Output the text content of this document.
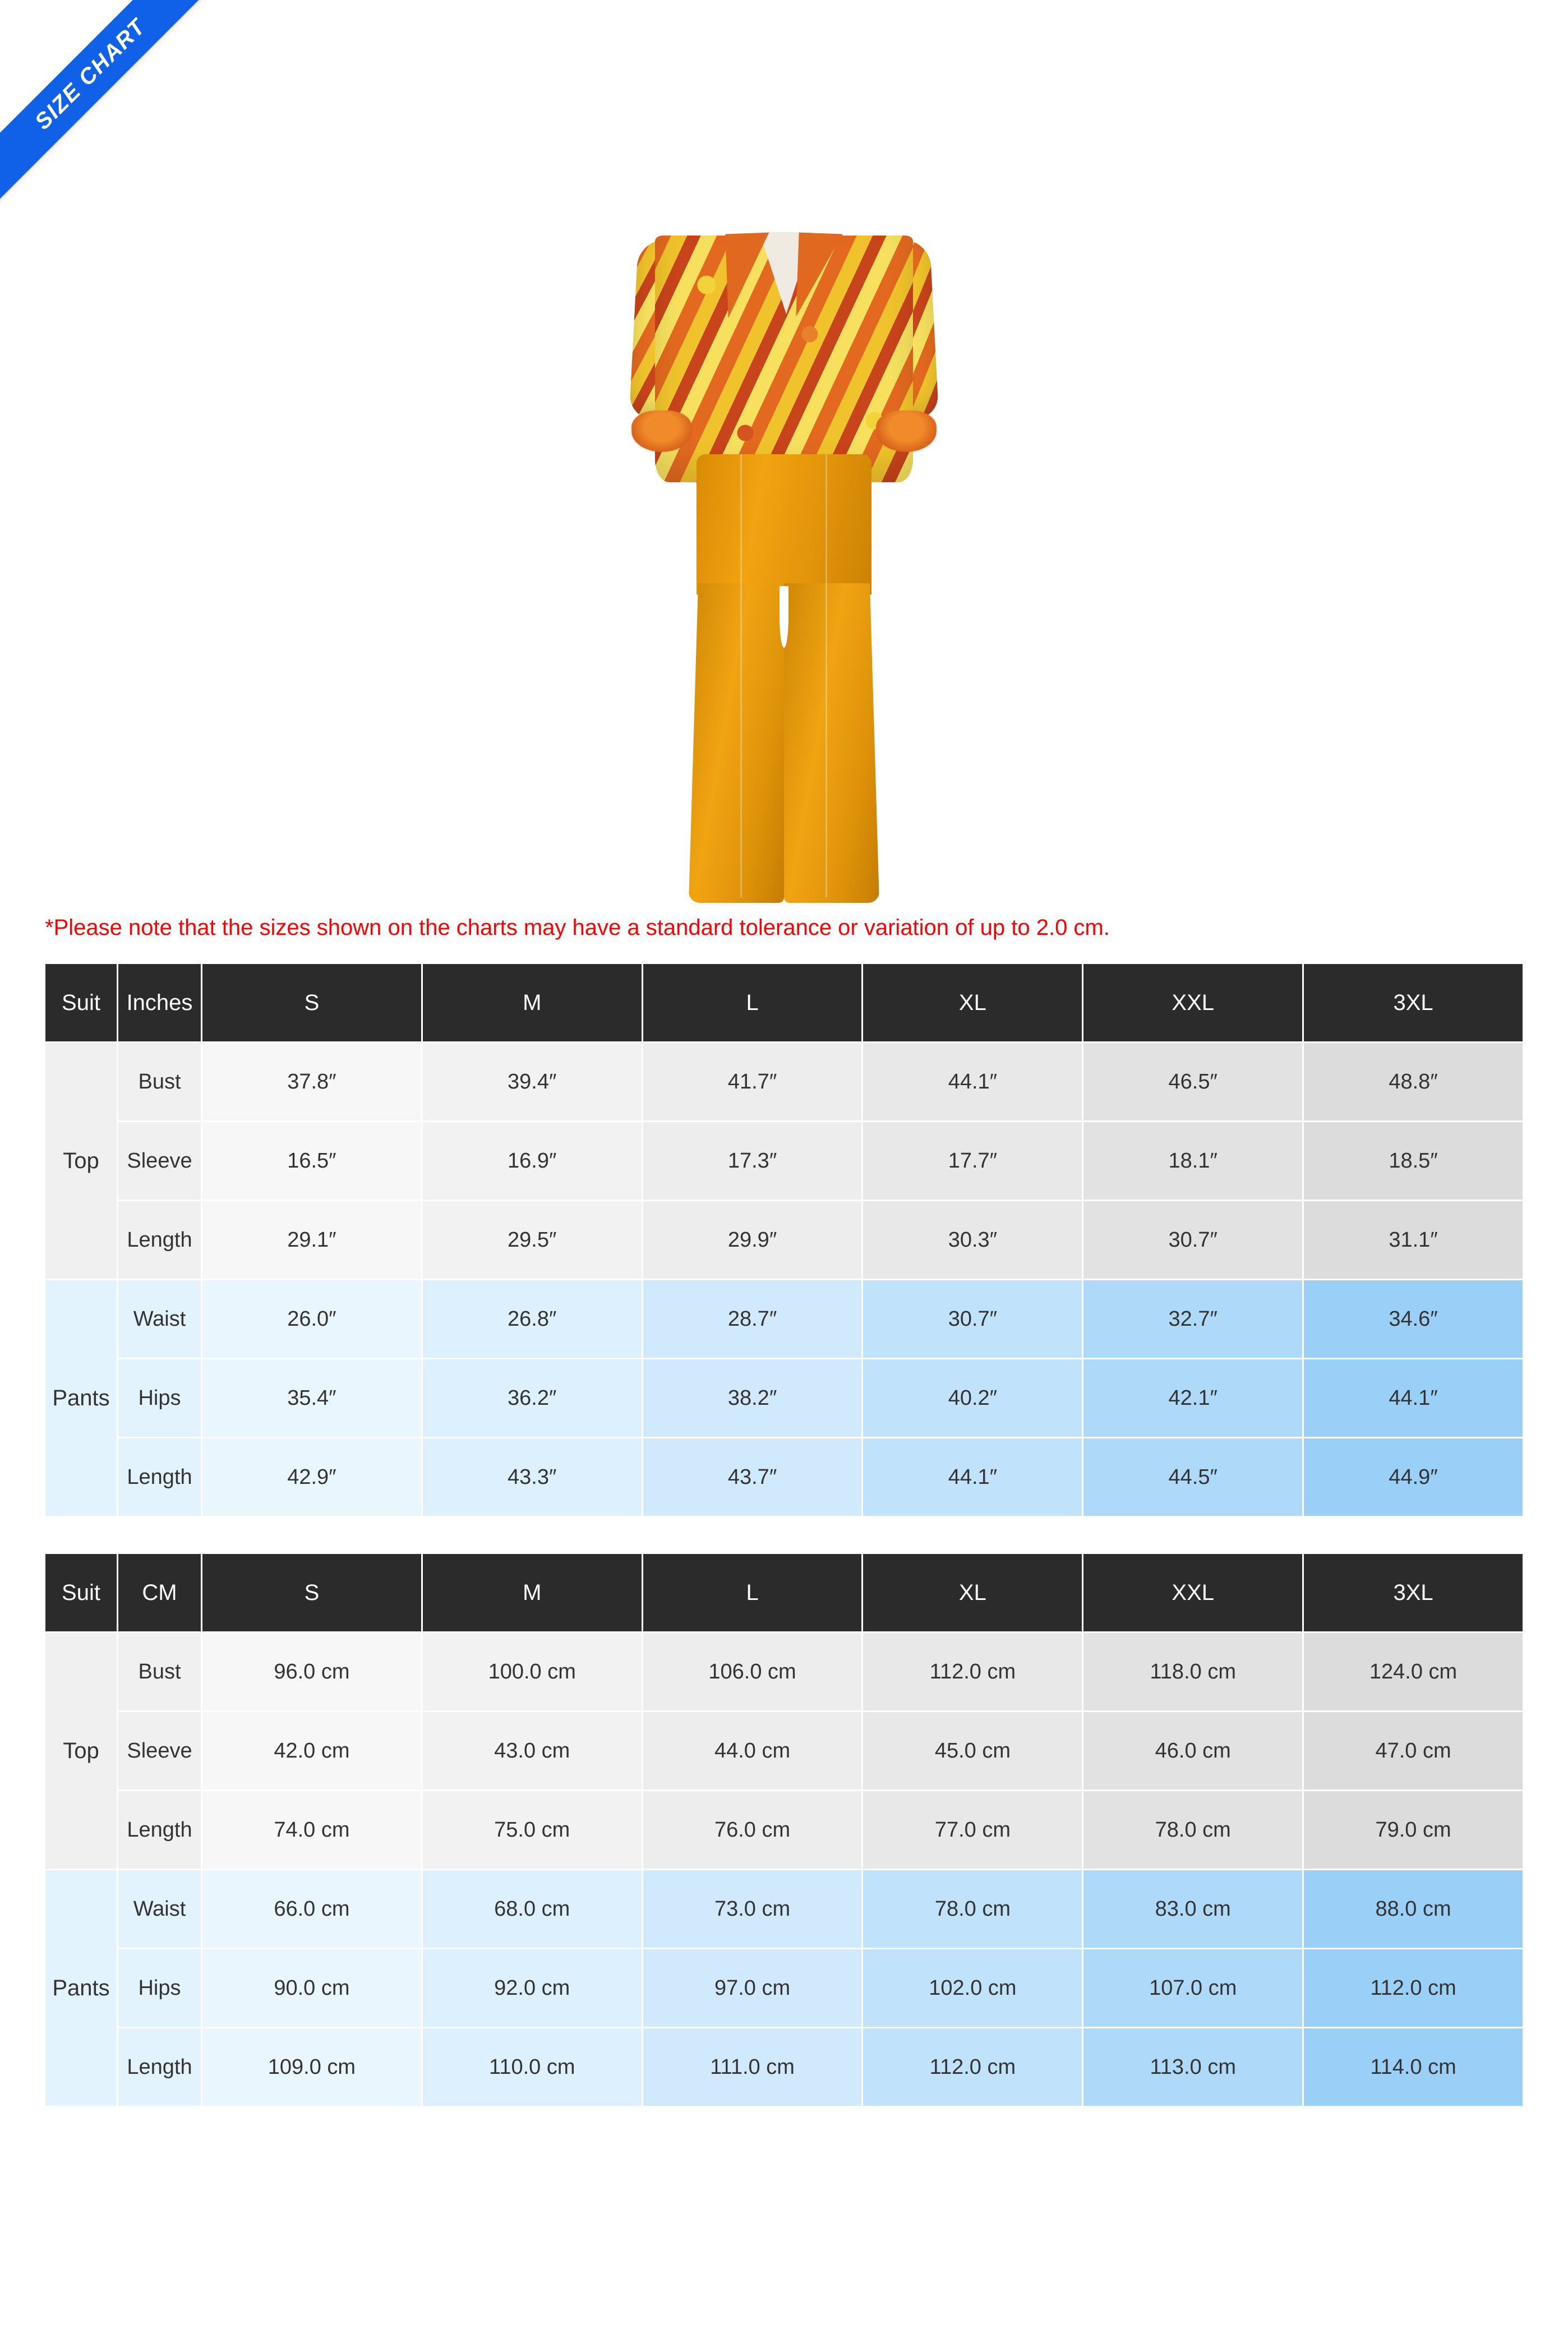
SIZE CHART

*Please note that the sizes shown on the charts may have a standard tolerance or variation of up to 2.0 cm.

Suit	Inches	S	M	L	XL	XXL	3XL
Top	Bust	37.8″	39.4″	41.7″	44.1″	46.5″	48.8″
	Sleeve	16.5″	16.9″	17.3″	17.7″	18.1″	18.5″
	Length	29.1″	29.5″	29.9″	30.3″	30.7″	31.1″
Pants	Waist	26.0″	26.8″	28.7″	30.7″	32.7″	34.6″
	Hips	35.4″	36.2″	38.2″	40.2″	42.1″	44.1″
	Length	42.9″	43.3″	43.7″	44.1″	44.5″	44.9″
Suit	CM	S	M	L	XL	XXL	3XL
Top	Bust	96.0 cm	100.0 cm	106.0 cm	112.0 cm	118.0 cm	124.0 cm
	Sleeve	42.0 cm	43.0 cm	44.0 cm	45.0 cm	46.0 cm	47.0 cm
	Length	74.0 cm	75.0 cm	76.0 cm	77.0 cm	78.0 cm	79.0 cm
Pants	Waist	66.0 cm	68.0 cm	73.0 cm	78.0 cm	83.0 cm	88.0 cm
	Hips	90.0 cm	92.0 cm	97.0 cm	102.0 cm	107.0 cm	112.0 cm
	Length	109.0 cm	110.0 cm	111.0 cm	112.0 cm	113.0 cm	114.0 cm
